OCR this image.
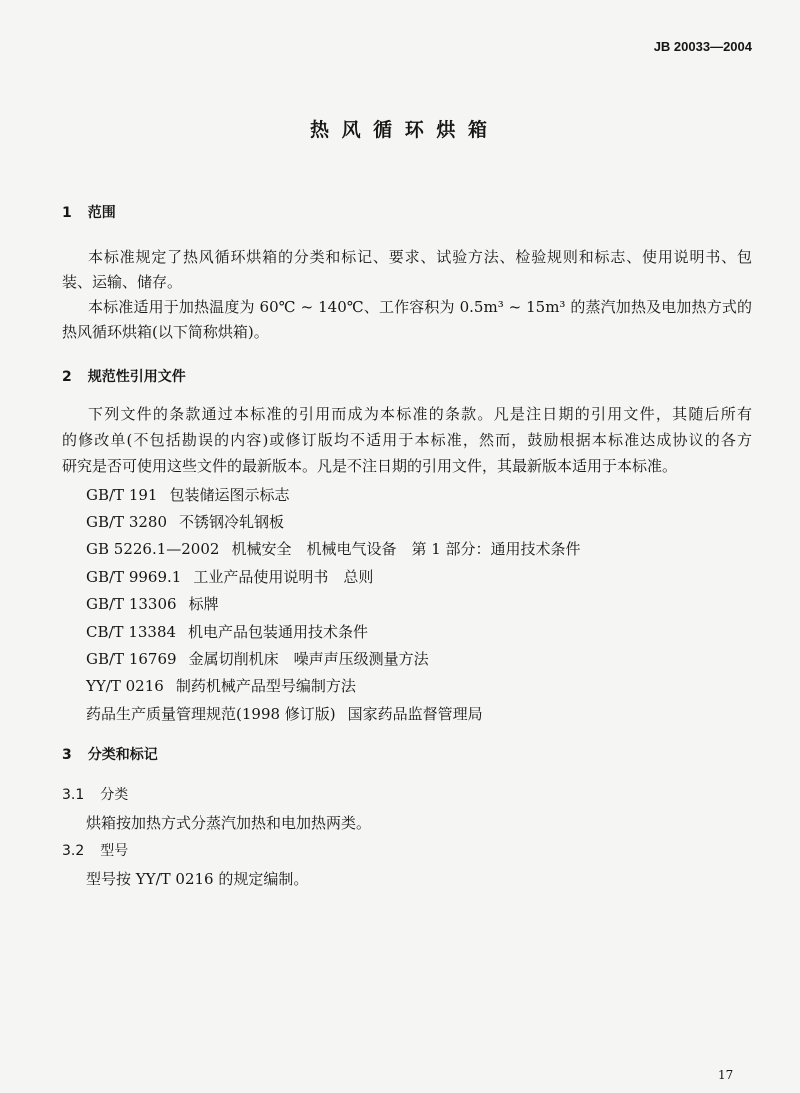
JB 20033—2004
热 风 循 环 烘 箱
1 范围
本标准规定了热风循环烘箱的分类和标记、要求、试验方法、检验规则和标志、使用说明书、包
装、运输、储存。
本标准适用于加热温度为 60℃ ~ 140℃、工作容积为 0.5m³ ~ 15m³ 的蒸汽加热及电加热方式的
热风循环烘箱(以下简称烘箱)。
2 规范性引用文件
下列文件的条款通过本标准的引用而成为本标准的条款。凡是注日期的引用文件，其随后所有
的修改单(不包括勘误的内容)或修订版均不适用于本标准，然而，鼓励根据本标准达成协议的各方
研究是否可使用这些文件的最新版本。凡是不注日期的引用文件，其最新版本适用于本标准。
GB/T 191 包装储运图示标志
GB/T 3280 不锈钢冷轧钢板
GB 5226.1—2002 机械安全　机械电气设备　第 1 部分：通用技术条件
GB/T 9969.1 工业产品使用说明书　总则
GB/T 13306 标牌
CB/T 13384 机电产品包装通用技术条件
GB/T 16769 金属切削机床　噪声声压级测量方法
YY/T 0216 制药机械产品型号编制方法
药品生产质量管理规范(1998 修订版) 国家药品监督管理局
3 分类和标记
3.1 分类
烘箱按加热方式分蒸汽加热和电加热两类。
3.2 型号
型号按 YY/T 0216 的规定编制。
17
